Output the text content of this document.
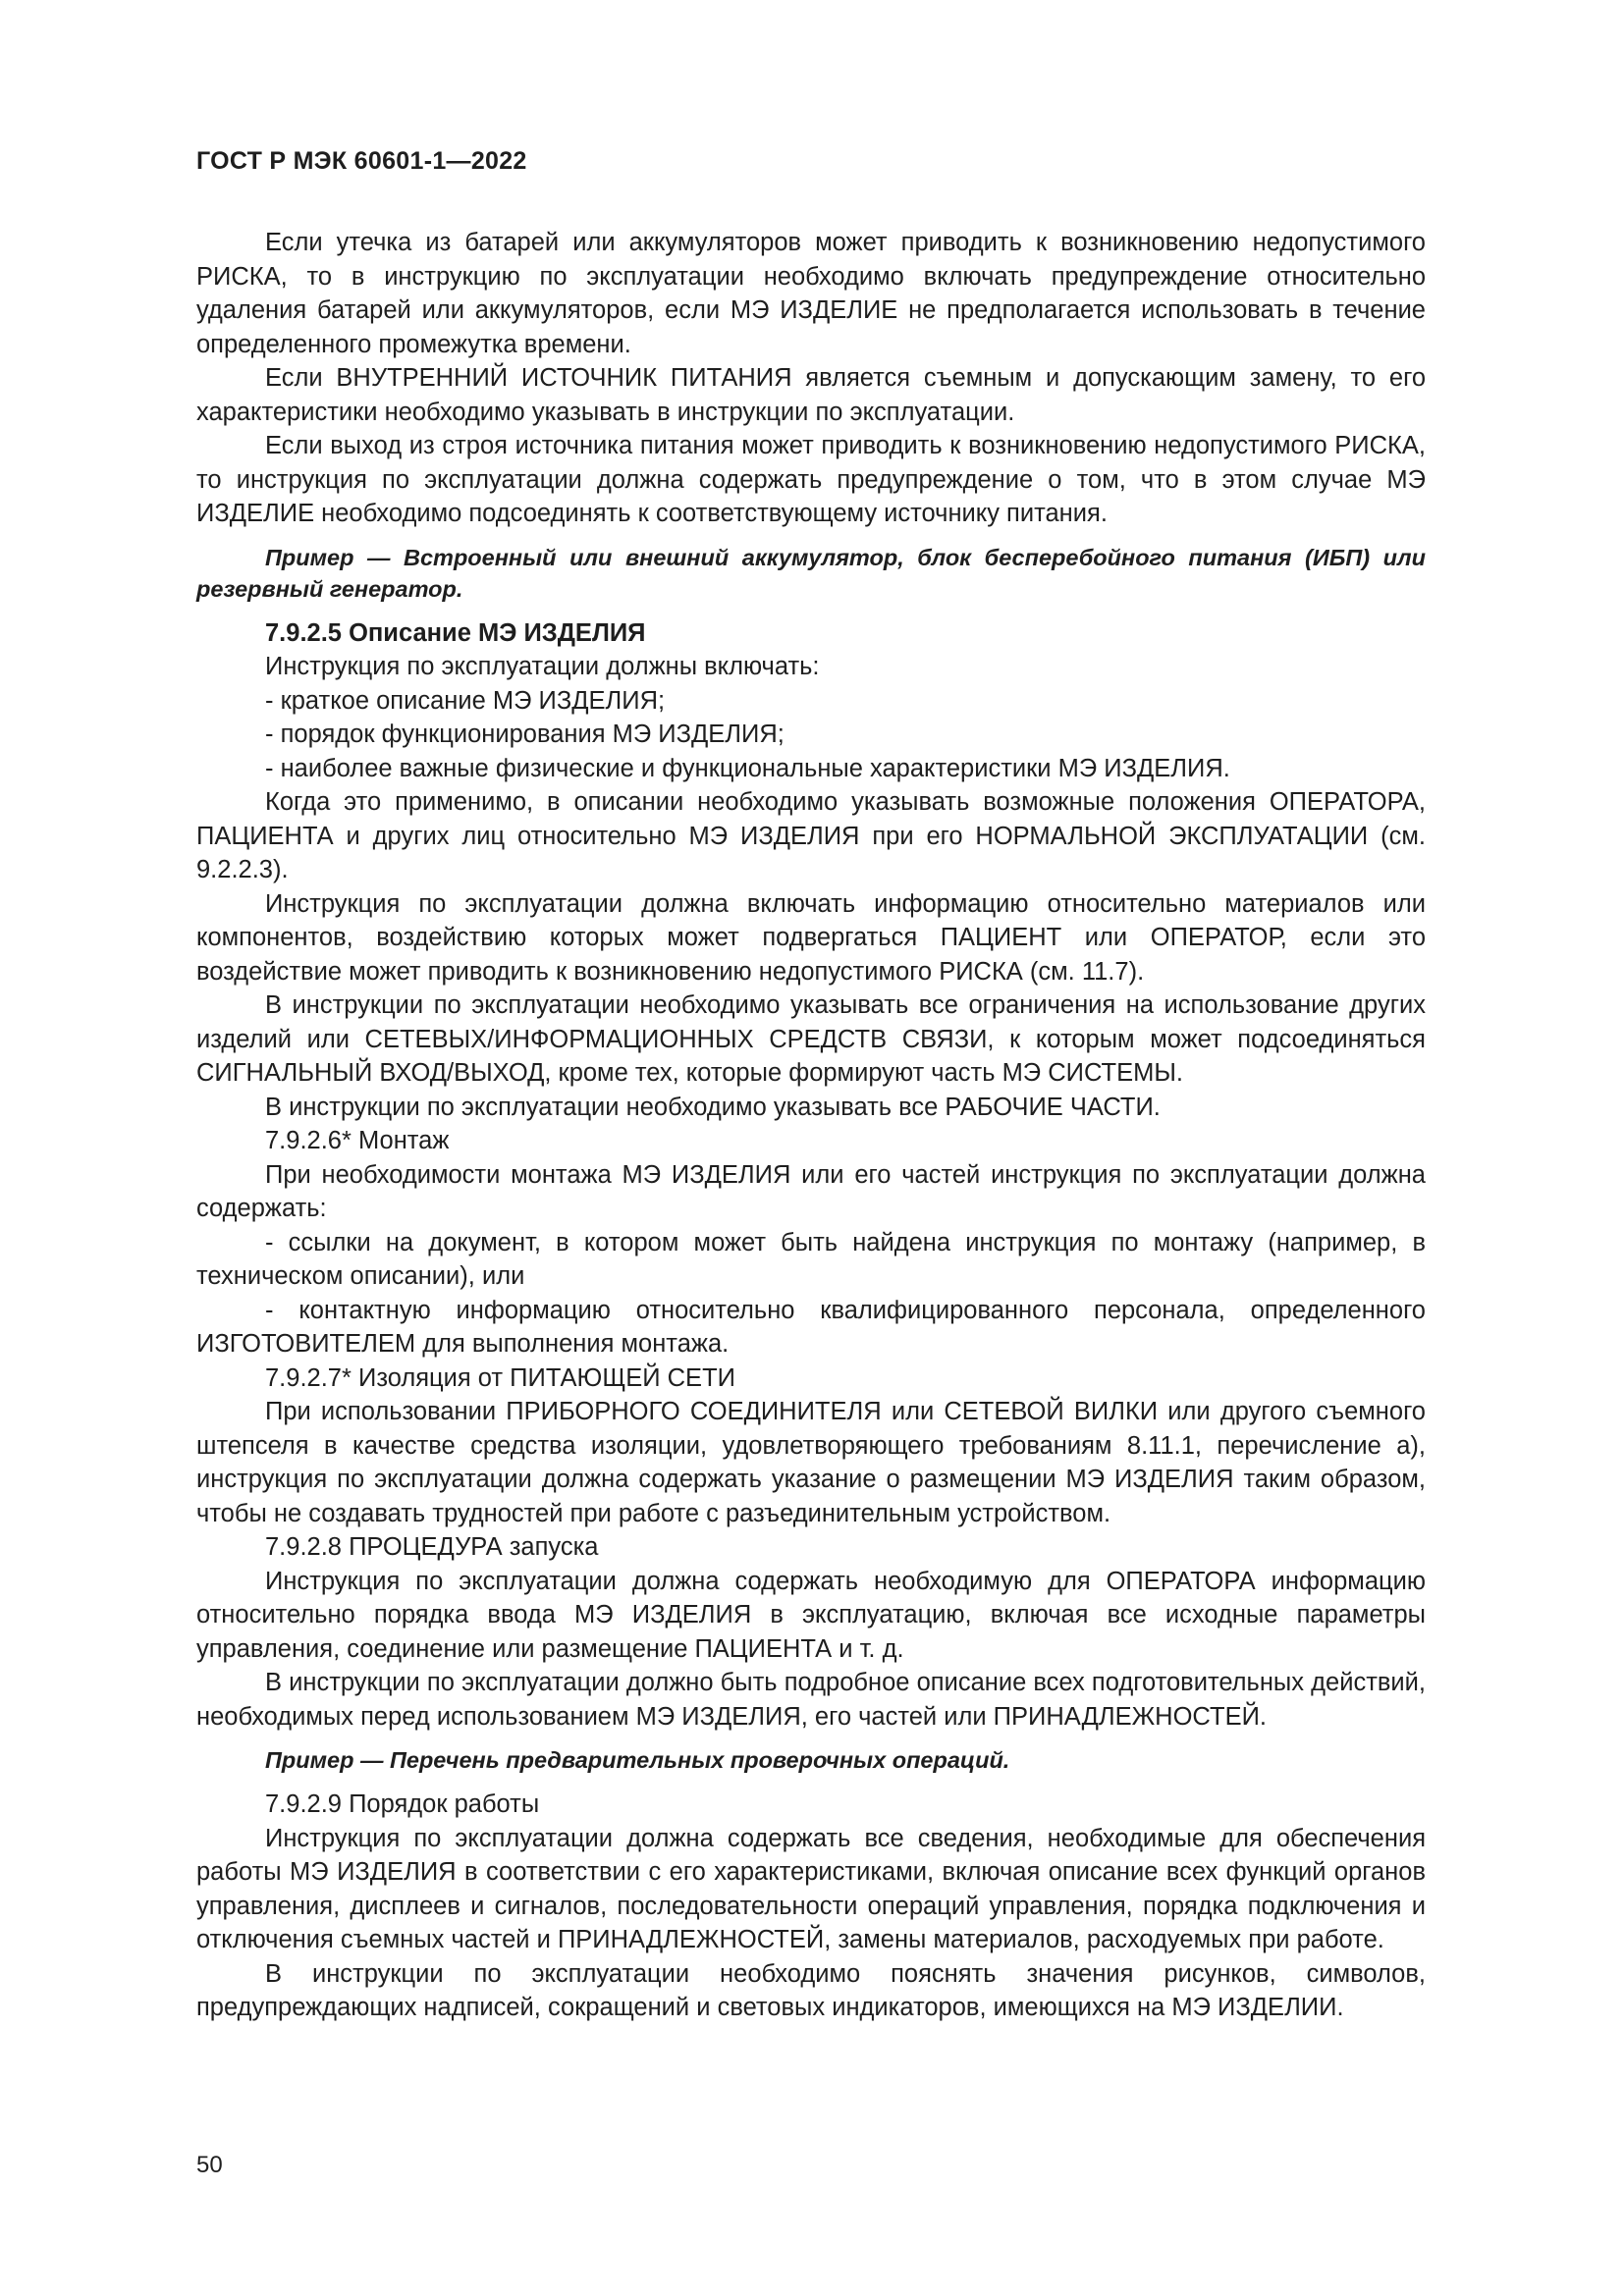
ГОСТ Р МЭК 60601-1—2022

Если утечка из батарей или аккумуляторов может приводить к возникновению недопустимого РИСКА, то в инструкцию по эксплуатации необходимо включать предупреждение относительно удаления батарей или аккумуляторов, если МЭ ИЗДЕЛИЕ не предполагается использовать в течение определенного промежутка времени.

Если ВНУТРЕННИЙ ИСТОЧНИК ПИТАНИЯ является съемным и допускающим замену, то его характеристики необходимо указывать в инструкции по эксплуатации.

Если выход из строя источника питания может приводить к возникновению недопустимого РИСКА, то инструкция по эксплуатации должна содержать предупреждение о том, что в этом случае МЭ ИЗДЕЛИЕ необходимо подсоединять к соответствующему источнику питания.

Пример — Встроенный или внешний аккумулятор, блок бесперебойного питания (ИБП) или резервный генератор.

7.9.2.5 Описание МЭ ИЗДЕЛИЯ

Инструкция по эксплуатации должны включать:

- краткое описание МЭ ИЗДЕЛИЯ;

- порядок функционирования МЭ ИЗДЕЛИЯ;

- наиболее важные физические и функциональные характеристики МЭ ИЗДЕЛИЯ.

Когда это применимо, в описании необходимо указывать возможные положения ОПЕРАТОРА, ПАЦИЕНТА и других лиц относительно МЭ ИЗДЕЛИЯ при его НОРМАЛЬНОЙ ЭКСПЛУАТАЦИИ (см. 9.2.2.3).

Инструкция по эксплуатации должна включать информацию относительно материалов или компонентов, воздействию которых может подвергаться ПАЦИЕНТ или ОПЕРАТОР, если это воздействие может приводить к возникновению недопустимого РИСКА (см. 11.7).

В инструкции по эксплуатации необходимо указывать все ограничения на использование других изделий или СЕТЕВЫХ/ИНФОРМАЦИОННЫХ СРЕДСТВ СВЯЗИ, к которым может подсоединяться СИГНАЛЬНЫЙ ВХОД/ВЫХОД, кроме тех, которые формируют часть МЭ СИСТЕМЫ.

В инструкции по эксплуатации необходимо указывать все РАБОЧИЕ ЧАСТИ.

7.9.2.6* Монтаж

При необходимости монтажа МЭ ИЗДЕЛИЯ или его частей инструкция по эксплуатации должна содержать:

- ссылки на документ, в котором может быть найдена инструкция по монтажу (например, в техническом описании), или

- контактную информацию относительно квалифицированного персонала, определенного ИЗГОТОВИТЕЛЕМ для выполнения монтажа.

7.9.2.7* Изоляция от ПИТАЮЩЕЙ СЕТИ

При использовании ПРИБОРНОГО СОЕДИНИТЕЛЯ или СЕТЕВОЙ ВИЛКИ или другого съемного штепселя в качестве средства изоляции, удовлетворяющего требованиям 8.11.1, перечисление а), инструкция по эксплуатации должна содержать указание о размещении МЭ ИЗДЕЛИЯ таким образом, чтобы не создавать трудностей при работе с разъединительным устройством.

7.9.2.8 ПРОЦЕДУРА запуска

Инструкция по эксплуатации должна содержать необходимую для ОПЕРАТОРА информацию относительно порядка ввода МЭ ИЗДЕЛИЯ в эксплуатацию, включая все исходные параметры управления, соединение или размещение ПАЦИЕНТА и т. д.

В инструкции по эксплуатации должно быть подробное описание всех подготовительных действий, необходимых перед использованием МЭ ИЗДЕЛИЯ, его частей или ПРИНАДЛЕЖНОСТЕЙ.

Пример — Перечень предварительных проверочных операций.

7.9.2.9 Порядок работы

Инструкция по эксплуатации должна содержать все сведения, необходимые для обеспечения работы МЭ ИЗДЕЛИЯ в соответствии с его характеристиками, включая описание всех функций органов управления, дисплеев и сигналов, последовательности операций управления, порядка подключения и отключения съемных частей и ПРИНАДЛЕЖНОСТЕЙ, замены материалов, расходуемых при работе.

В инструкции по эксплуатации необходимо пояснять значения рисунков, символов, предупреждающих надписей, сокращений и световых индикаторов, имеющихся на МЭ ИЗДЕЛИИ.

50
